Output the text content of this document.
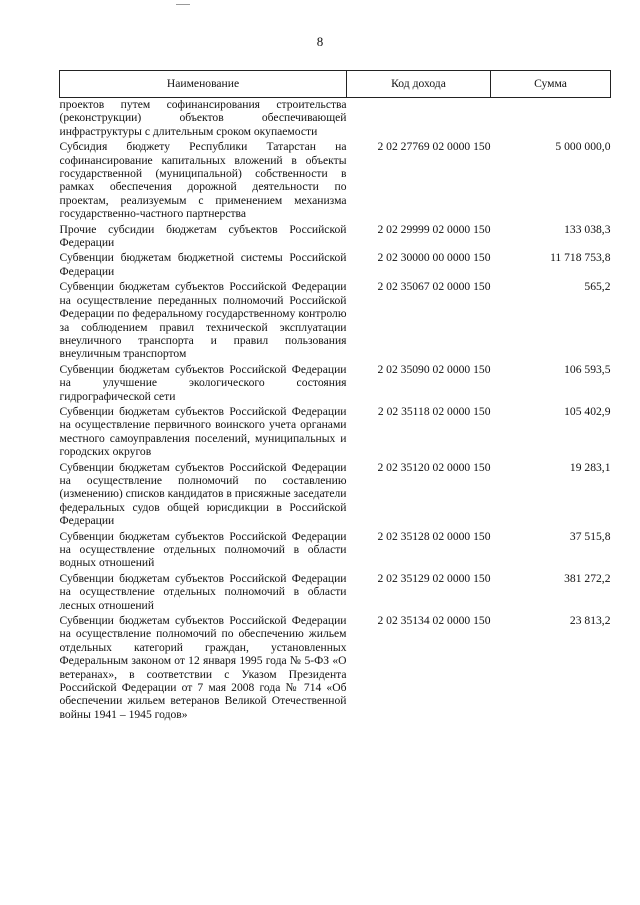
8
Наименование	Код дохода	Сумма
проектов путем софинансирования строительства (реконструкции) объектов обеспечивающей инфраструктуры с длительным сроком окупаемости		
Субсидия бюджету Республики Татарстан на софинансирование капитальных вложений в объекты государственной (муниципальной) собственности в рамках обеспечения дорожной деятельности по проектам, реализуемым с применением механизма государственно-частного партнерства	2 02 27769 02 0000 150	5 000 000,0
Прочие субсидии бюджетам субъектов Российской Федерации	2 02 29999 02 0000 150	133 038,3
Субвенции бюджетам бюджетной системы Российской Федерации	2 02 30000 00 0000 150	11 718 753,8
Субвенции бюджетам субъектов Российской Федерации на осуществление переданных полномочий Российской Федерации по федеральному государственному контролю за соблюдением правил технической эксплуатации внеуличного транспорта и правил пользования внеуличным транспортом	2 02 35067 02 0000 150	565,2
Субвенции бюджетам субъектов Российской Федерации на улучшение экологического состояния гидрографической сети	2 02 35090 02 0000 150	106 593,5
Субвенции бюджетам субъектов Российской Федерации на осуществление первичного воинского учета органами местного самоуправления поселений, муниципальных и городских округов	2 02 35118 02 0000 150	105 402,9
Субвенции бюджетам субъектов Российской Федерации на осуществление полномочий по составлению (изменению) списков кандидатов в присяжные заседатели федеральных судов общей юрисдикции в Российской Федерации	2 02 35120 02 0000 150	19 283,1
Субвенции бюджетам субъектов Российской Федерации на осуществление отдельных полномочий в области водных отношений	2 02 35128 02 0000 150	37 515,8
Субвенции бюджетам субъектов Российской Федерации на осуществление отдельных полномочий в области лесных отношений	2 02 35129 02 0000 150	381 272,2
Субвенции бюджетам субъектов Российской Федерации на осуществление полномочий по обеспечению жильем отдельных категорий граждан, установленных Федеральным законом от 12 января 1995 года № 5-ФЗ «О ветеранах», в соответствии с Указом Президента Российской Федерации от 7 мая 2008 года № 714 «Об обеспечении жильем ветеранов Великой Отечественной войны 1941 – 1945 годов»	2 02 35134 02 0000 150	23 813,2
